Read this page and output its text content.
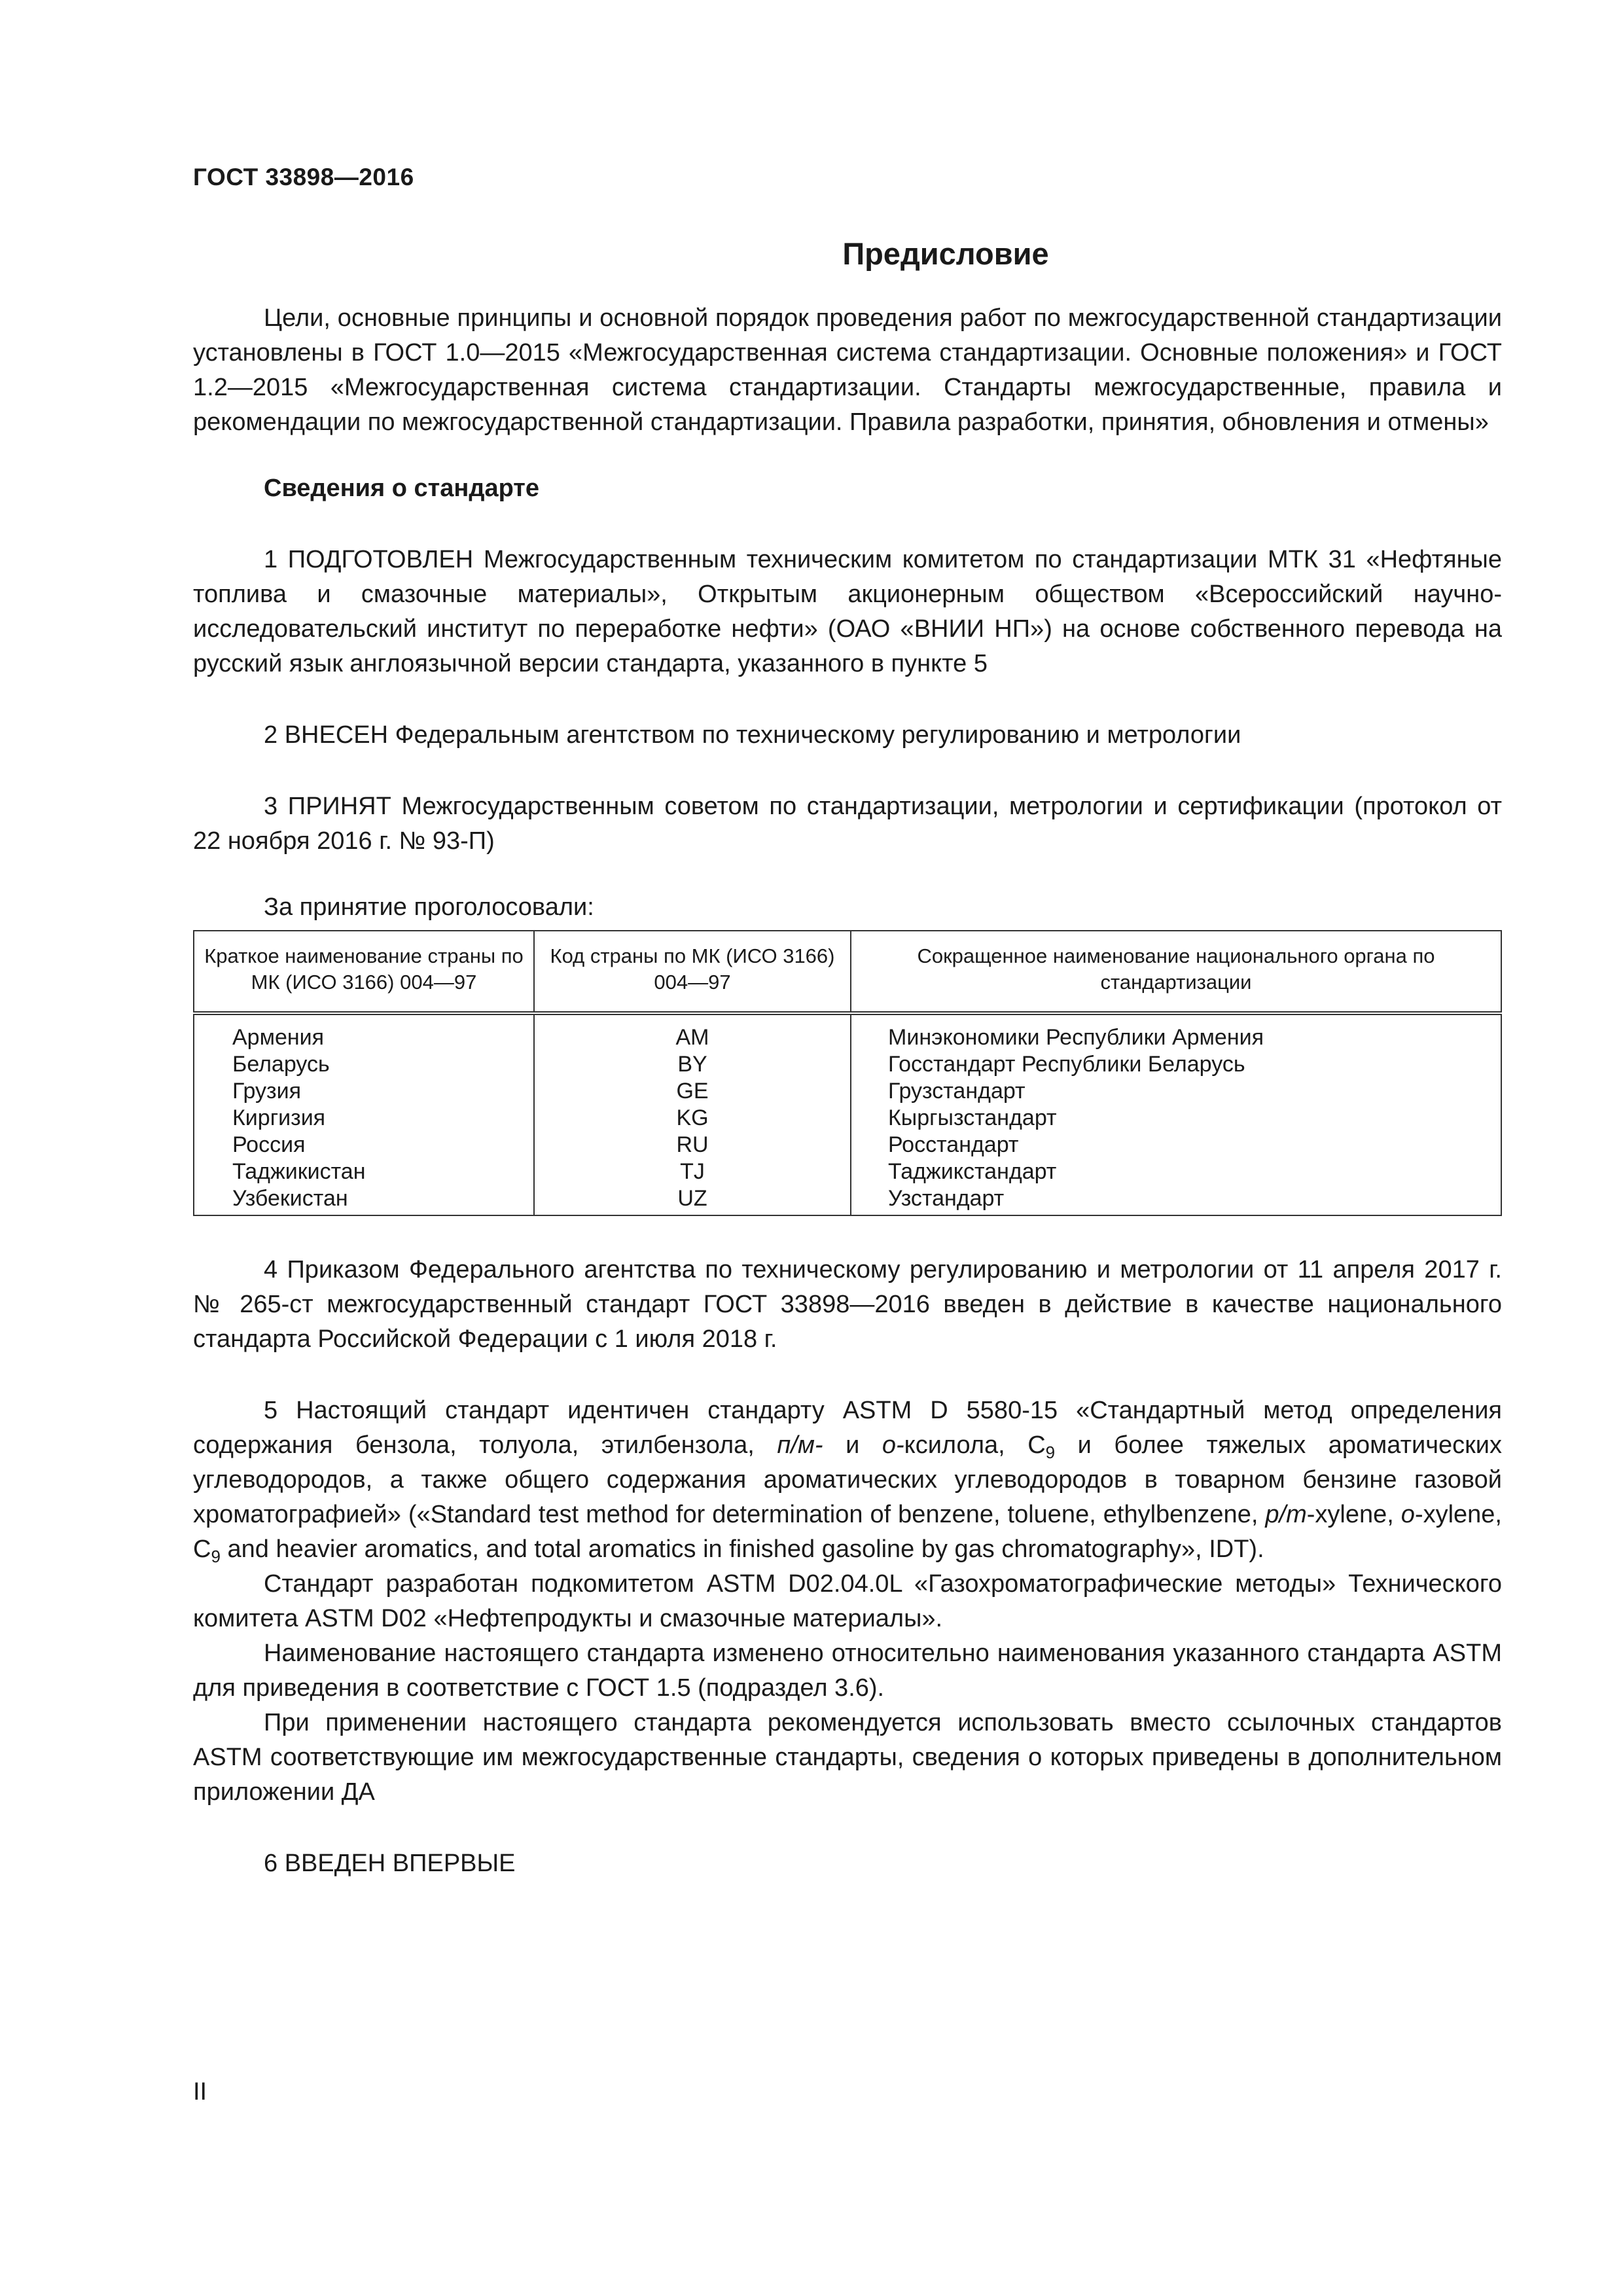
ГОСТ 33898—2016
Предисловие

Цели, основные принципы и основной порядок проведения работ по межгосударственной стандартизации установлены в ГОСТ 1.0—2015 «Межгосударственная система стандартизации. Основные положения» и ГОСТ 1.2—2015 «Межгосударственная система стандартизации. Стандарты межгосударственные, правила и рекомендации по межгосударственной стандартизации. Правила разработки, принятия, обновления и отмены»

Сведения о стандарте

1 ПОДГОТОВЛЕН Межгосударственным техническим комитетом по стандартизации МТК 31 «Нефтяные топлива и смазочные материалы», Открытым акционерным обществом «Всероссийский научно-исследовательский институт по переработке нефти» (ОАО «ВНИИ НП») на основе собственного перевода на русский язык англоязычной версии стандарта, указанного в пункте 5

2 ВНЕСЕН Федеральным агентством по техническому регулированию и метрологии

3 ПРИНЯТ Межгосударственным советом по стандартизации, метрологии и сертификации (протокол от 22 ноября 2016 г. № 93-П)

За принятие проголосовали:

Краткое наименование страны по МК (ИСО 3166) 004—97	Код страны по МК (ИСО 3166) 004—97	Сокращенное наименование национального органа по стандартизации
Армения	AM	Минэкономики Республики Армения
Беларусь	BY	Госстандарт Республики Беларусь
Грузия	GE	Грузстандарт
Киргизия	KG	Кыргызстандарт
Россия	RU	Росстандарт
Таджикистан	TJ	Таджикстандарт
Узбекистан	UZ	Узстандарт

4 Приказом Федерального агентства по техническому регулированию и метрологии от 11 апреля 2017 г. № 265-ст межгосударственный стандарт ГОСТ 33898—2016 введен в действие в качестве национального стандарта Российской Федерации с 1 июля 2018 г.

5 Настоящий стандарт идентичен стандарту ASTM D 5580-15 «Стандартный метод определения содержания бензола, толуола, этилбензола, п/м- и о-ксилола, $C_9$ и более тяжелых ароматических углеводородов, а также общего содержания ароматических углеводородов в товарном бензине газовой хроматографией» («Standard test method for determination of benzene, toluene, ethylbenzene, p/m-xylene, o-xylene, $C_9$ and heavier aromatics, and total aromatics in finished gasoline by gas chromatography», IDT).

Стандарт разработан подкомитетом ASTM D02.04.0L «Газохроматографические методы» Технического комитета ASTM D02 «Нефтепродукты и смазочные материалы».

Наименование настоящего стандарта изменено относительно наименования указанного стандарта ASTM для приведения в соответствие с ГОСТ 1.5 (подраздел 3.6).

При применении настоящего стандарта рекомендуется использовать вместо ссылочных стандартов ASTM соответствующие им межгосударственные стандарты, сведения о которых приведены в дополнительном приложении ДА

6 ВВЕДЕН ВПЕРВЫЕ

II
